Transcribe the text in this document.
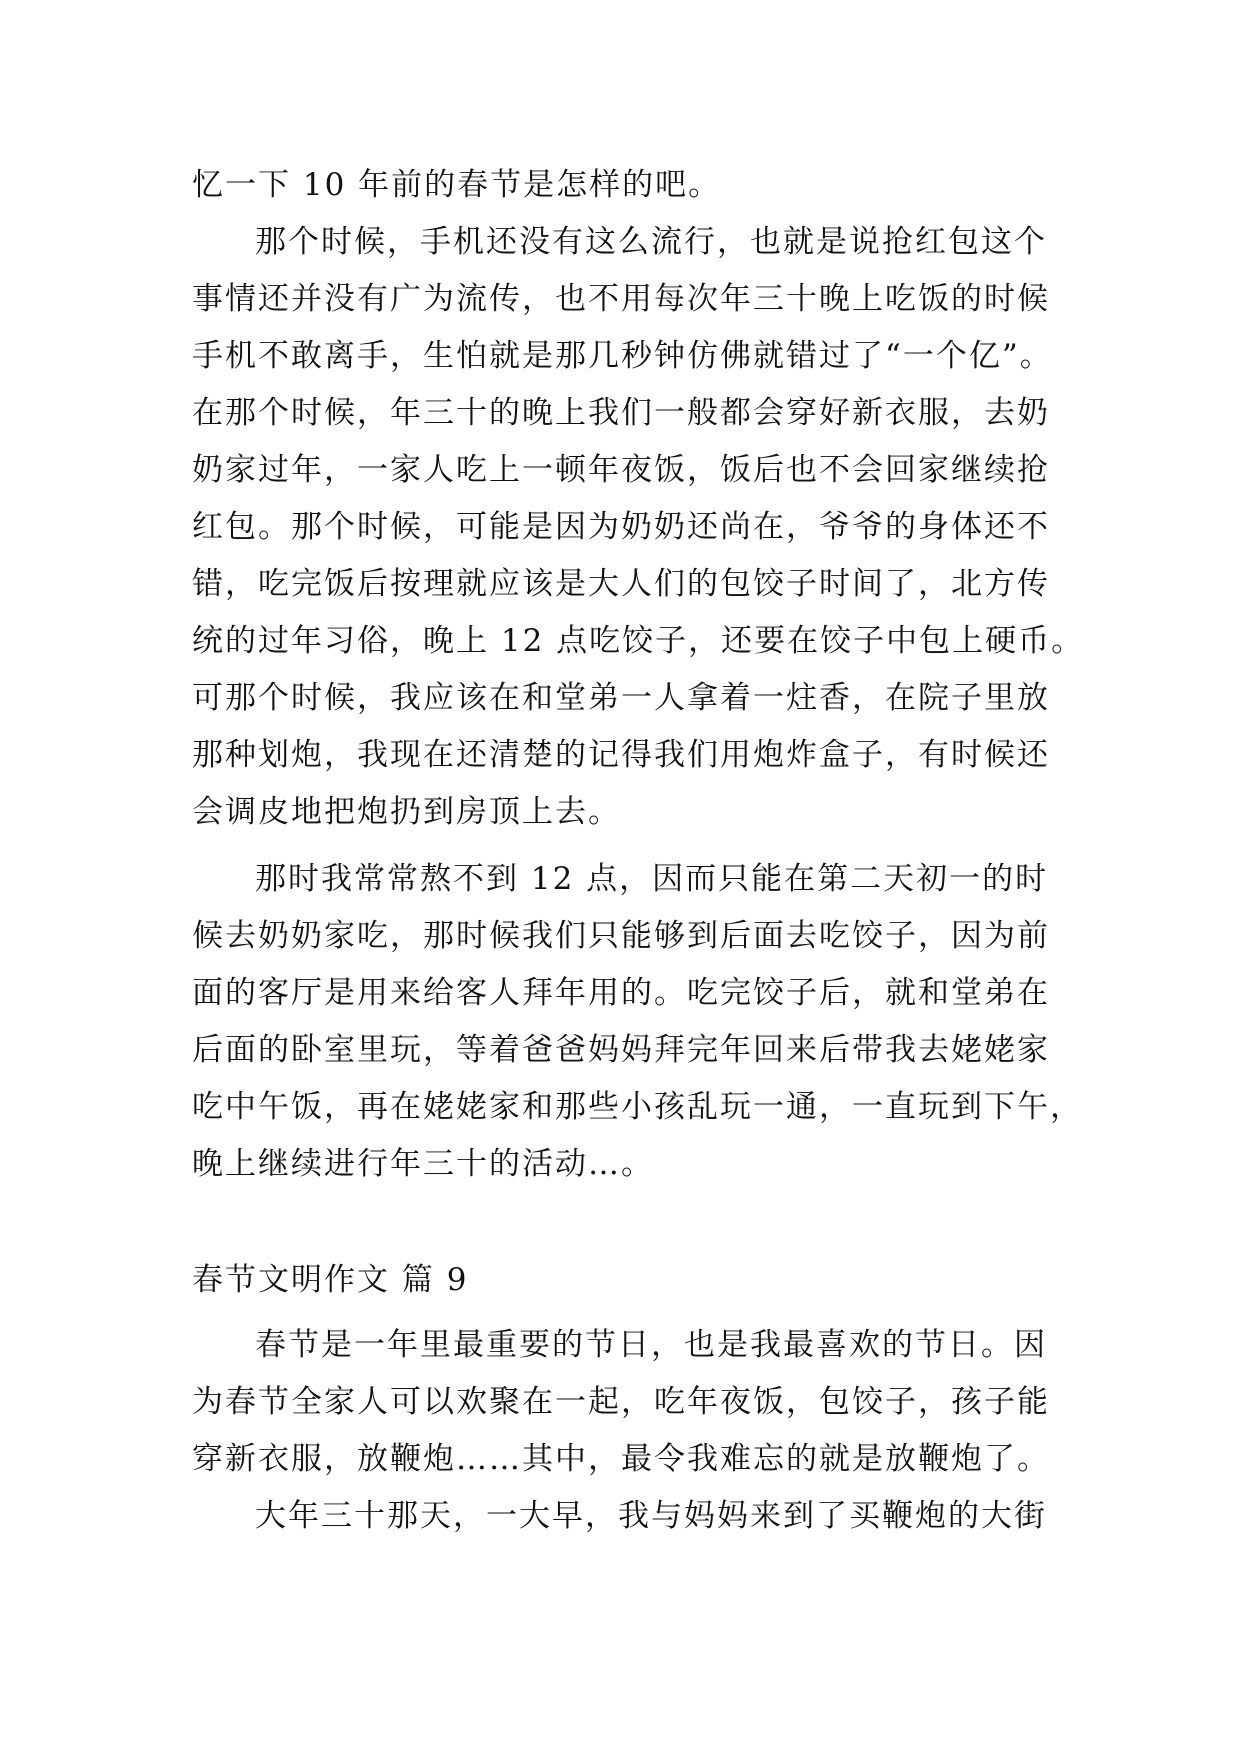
忆一下 10 年前的春节是怎样的吧。
那个时候，手机还没有这么流行，也就是说抢红包这个
事情还并没有广为流传，也不用每次年三十晚上吃饭的时候
手机不敢离手，生怕就是那几秒钟仿佛就错过了“一个亿”。
在那个时候，年三十的晚上我们一般都会穿好新衣服，去奶
奶家过年，一家人吃上一顿年夜饭，饭后也不会回家继续抢
红包。那个时候，可能是因为奶奶还尚在，爷爷的身体还不
错，吃完饭后按理就应该是大人们的包饺子时间了，北方传
统的过年习俗，晚上 12 点吃饺子，还要在饺子中包上硬币。
可那个时候，我应该在和堂弟一人拿着一炷香，在院子里放
那种划炮，我现在还清楚的记得我们用炮炸盒子，有时候还
会调皮地把炮扔到房顶上去。
那时我常常熬不到 12 点，因而只能在第二天初一的时
候去奶奶家吃，那时候我们只能够到后面去吃饺子，因为前
面的客厅是用来给客人拜年用的。吃完饺子后，就和堂弟在
后面的卧室里玩，等着爸爸妈妈拜完年回来后带我去姥姥家
吃中午饭，再在姥姥家和那些小孩乱玩一通，一直玩到下午，
晚上继续进行年三十的活动…。
春节文明作文 篇 9
春节是一年里最重要的节日，也是我最喜欢的节日。因
为春节全家人可以欢聚在一起，吃年夜饭，包饺子，孩子能
穿新衣服，放鞭炮……其中，最令我难忘的就是放鞭炮了。
大年三十那天，一大早，我与妈妈来到了买鞭炮的大街
